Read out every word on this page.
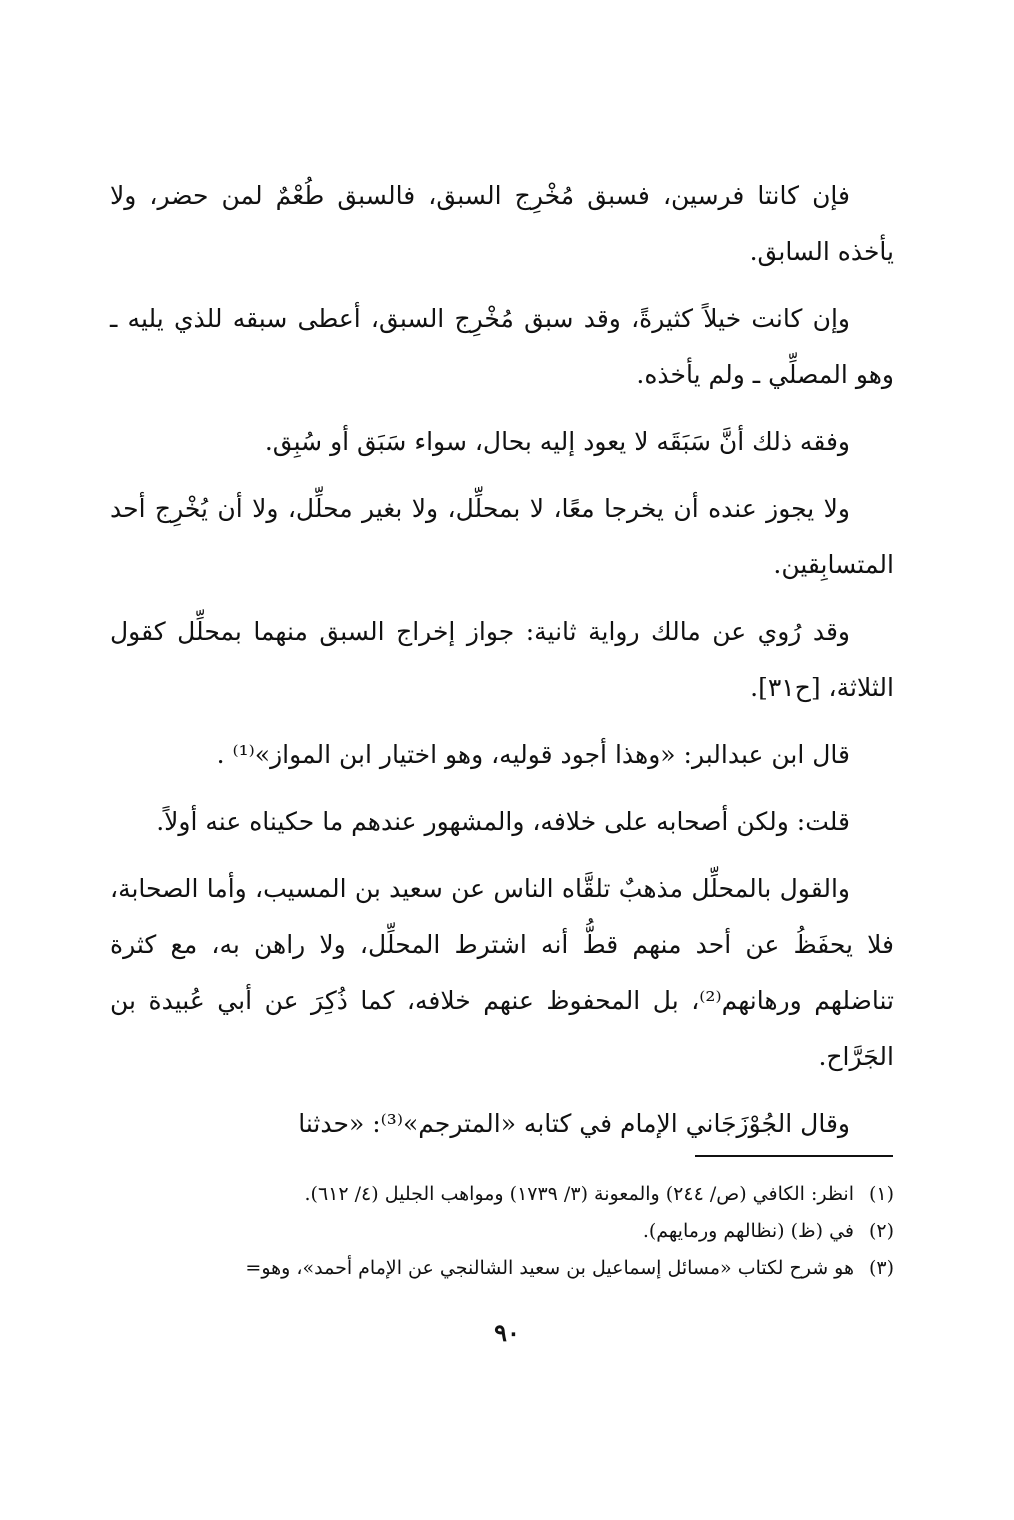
فإن كانتا فرسين، فسبق مُخْرِج السبق، فالسبق طُعْمٌ لمن حضر، ولا يأخذه السابق.

وإن كانت خيلاً كثيرةً، وقد سبق مُخْرِج السبق، أعطى سبقه للذي يليه ـ وهو المصلِّي ـ ولم يأخذه.

وفقه ذلك أنَّ سَبَقَه لا يعود إليه بحال، سواء سَبَق أو سُبِق.

ولا يجوز عنده أن يخرجا معًا، لا بمحلِّل، ولا بغير محلِّل، ولا أن يُخْرِج أحد المتسابِقين.

وقد رُوي عن مالك رواية ثانية: جواز إخراج السبق منهما بمحلِّل كقول الثلاثة، [ح٣١].

قال ابن عبدالبر: «وهذا أجود قوليه، وهو اختيار ابن المواز»⁽¹⁾ .

قلت: ولكن أصحابه على خلافه، والمشهور عندهم ما حكيناه عنه أولاً.

والقول بالمحلِّل مذهبٌ تلقَّاه الناس عن سعيد بن المسيب، وأما الصحابة، فلا يحفَظُ عن أحد منهم قطُّ أنه اشترط المحلِّل، ولا راهن به، مع كثرة تناضلهم ورهانهم⁽²⁾، بل المحفوظ عنهم خلافه، كما ذُكِرَ عن أبي عُبيدة بن الجَرَّاح.

وقال الجُوْزَجَاني الإمام في كتابه «المترجم»⁽³⁾: «حدثنا

(١)
انظر: الكافي (ص/ ٢٤٤) والمعونة (٣/ ١٧٣٩) ومواهب الجليل (٤/ ٦١٢).
(٢)
في (ظ) (نظالهم ورمايهم).
(٣)
هو شرح لكتاب «مسائل إسماعيل بن سعيد الشالنجي عن الإمام أحمد»، وهو=
٩٠
